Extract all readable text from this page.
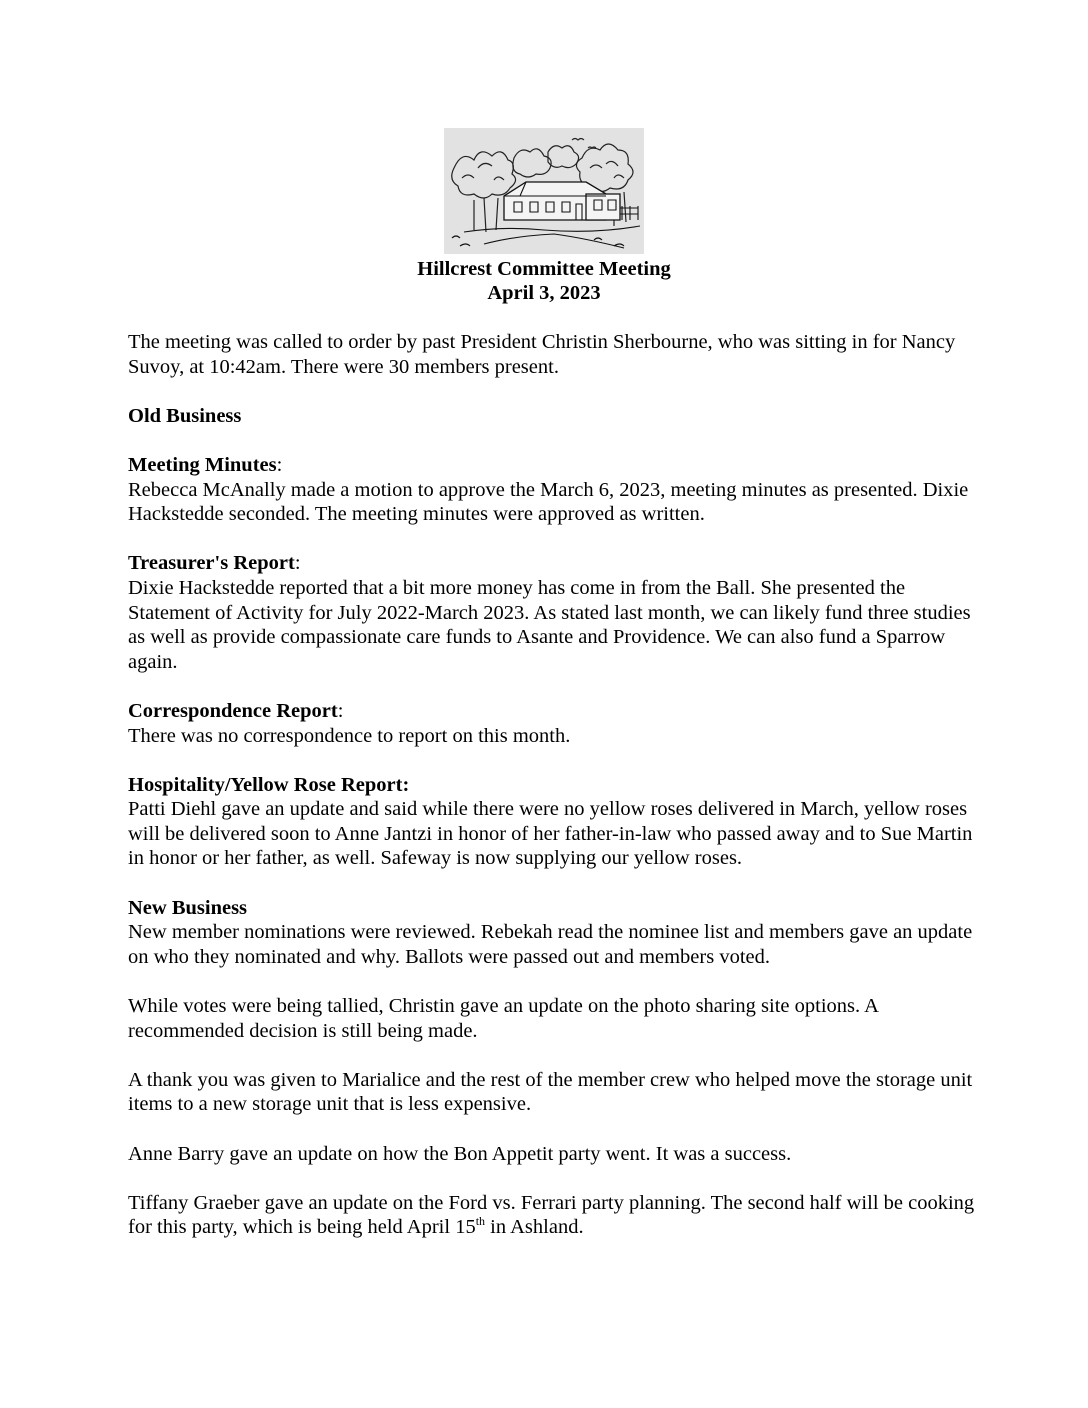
Hillcrest Committee Meeting
April 3, 2023

The meeting was called to order by past President Christin Sherbourne, who was sitting in for Nancy Suvoy, at 10:42am. There were 30 members present.

Old Business

Meeting Minutes:
Rebecca McAnally made a motion to approve the March 6, 2023, meeting minutes as presented. Dixie Hackstedde seconded. The meeting minutes were approved as written.

Treasurer's Report:
Dixie Hackstedde reported that a bit more money has come in from the Ball. She presented the Statement of Activity for July 2022-March 2023. As stated last month, we can likely fund three studies as well as provide compassionate care funds to Asante and Providence. We can also fund a Sparrow again.

Correspondence Report:
There was no correspondence to report on this month.

Hospitality/Yellow Rose Report:
Patti Diehl gave an update and said while there were no yellow roses delivered in March, yellow roses will be delivered soon to Anne Jantzi in honor of her father-in-law who passed away and to Sue Martin in honor or her father, as well. Safeway is now supplying our yellow roses.

New Business
New member nominations were reviewed. Rebekah read the nominee list and members gave an update on who they nominated and why. Ballots were passed out and members voted.

While votes were being tallied, Christin gave an update on the photo sharing site options. A recommended decision is still being made.

A thank you was given to Marialice and the rest of the member crew who helped move the storage unit items to a new storage unit that is less expensive.

Anne Barry gave an update on how the Bon Appetit party went. It was a success.

Tiffany Graeber gave an update on the Ford vs. Ferrari party planning. The second half will be cooking for this party, which is being held April 15th in Ashland.
